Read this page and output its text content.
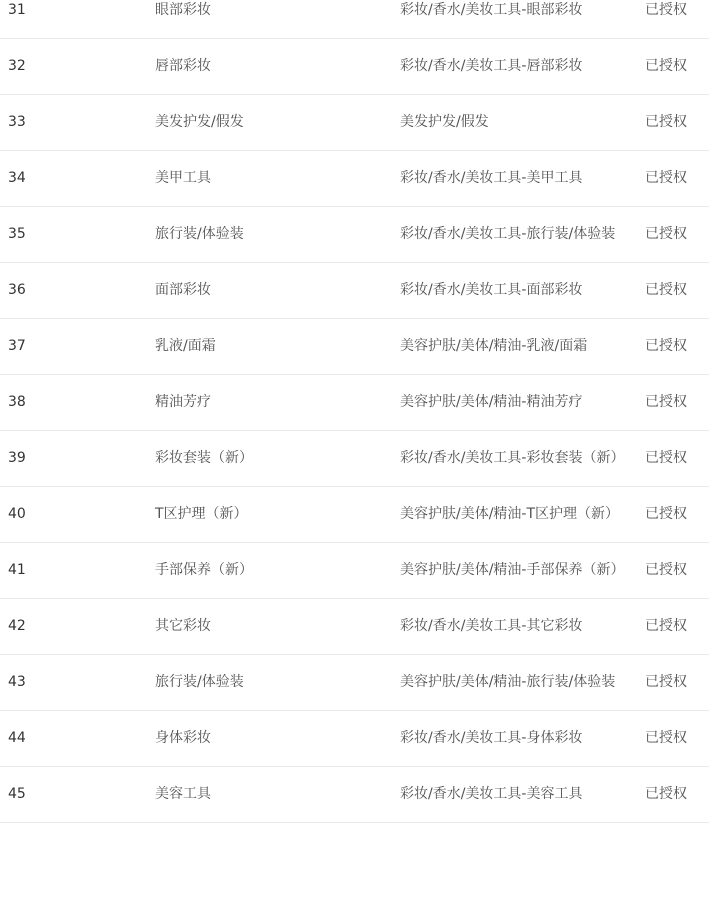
31	眼部彩妆	彩妆/香水/美妆工具-眼部彩妆	已授权
32	唇部彩妆	彩妆/香水/美妆工具-唇部彩妆	已授权
33	美发护发/假发	美发护发/假发	已授权
34	美甲工具	彩妆/香水/美妆工具-美甲工具	已授权
35	旅行装/体验装	彩妆/香水/美妆工具-旅行装/体验装	已授权
36	面部彩妆	彩妆/香水/美妆工具-面部彩妆	已授权
37	乳液/面霜	美容护肤/美体/精油-乳液/面霜	已授权
38	精油芳疗	美容护肤/美体/精油-精油芳疗	已授权
39	彩妆套装（新）	彩妆/香水/美妆工具-彩妆套装（新）	已授权
40	T区护理（新）	美容护肤/美体/精油-T区护理（新）	已授权
41	手部保养（新）	美容护肤/美体/精油-手部保养（新）	已授权
42	其它彩妆	彩妆/香水/美妆工具-其它彩妆	已授权
43	旅行装/体验装	美容护肤/美体/精油-旅行装/体验装	已授权
44	身体彩妆	彩妆/香水/美妆工具-身体彩妆	已授权
45	美容工具	彩妆/香水/美妆工具-美容工具	已授权
